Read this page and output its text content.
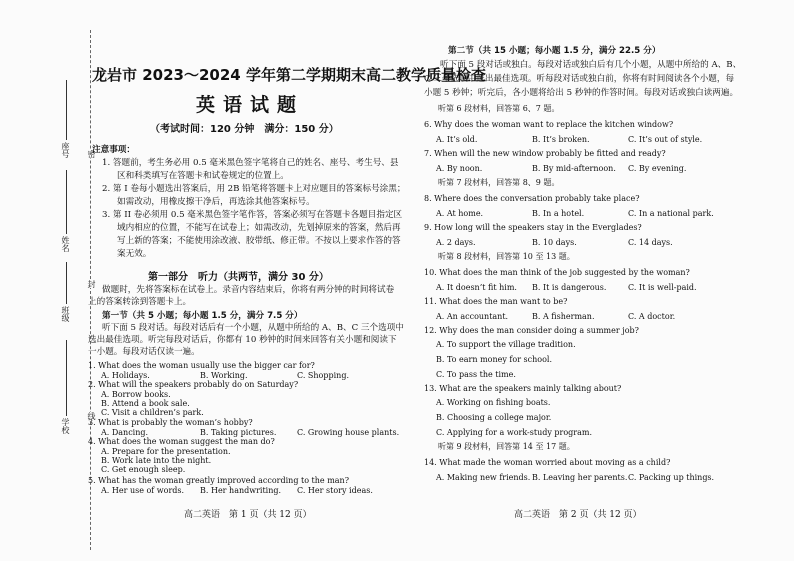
座号
姓名
班级
学校
密
封
线
龙岩市 2023～2024 学年第二学期期末高二教学质量检查
英语试题
（考试时间：120 分钟　满分：150 分）
注意事项：
1. 答题前，考生务必用 0.5 毫米黑色签字笔将自己的姓名、座号、考生号、县
区和科类填写在答题卡和试卷规定的位置上。
2. 第 I 卷每小题选出答案后，用 2B 铅笔将答题卡上对应题目的答案标号涂黑；
如需改动，用橡皮擦干净后，再选涂其他答案标号。
3. 第 II 卷必须用 0.5 毫米黑色签字笔作答，答案必须写在答题卡各题目指定区
域内相应的位置，不能写在试卷上；如需改动，先划掉原来的答案，然后再
写上新的答案；不能使用涂改液、胶带纸、修正带。不按以上要求作答的答
案无效。
第一部分　听力（共两节，满分 30 分）
做题时，先将答案标在试卷上。录音内容结束后，你将有两分钟的时间将试卷
上的答案转涂到答题卡上。
第一节（共 5 小题；每小题 1.5 分，满分 7.5 分）
听下面 5 段对话。每段对话后有一个小题，从题中所给的 A、B、C 三个选项中
选出最佳选项。听完每段对话后，你都有 10 秒钟的时间来回答有关小题和阅读下
一小题。每段对话仅读一遍。
1. What does the woman usually use the bigger car for?
A. Holidays.	B. Working.	C. Shopping.
2. What will the speakers probably do on Saturday?
A. Borrow books.
B. Attend a book sale.
C. Visit a children’s park.
3. What is probably the woman’s hobby?
A. Dancing.	B. Taking pictures.	C. Growing house plants.
4. What does the woman suggest the man do?
A. Prepare for the presentation.
B. Work late into the night.
C. Get enough sleep.
5. What has the woman greatly improved according to the man?
A. Her use of words. B. Her handwriting. C. Her story ideas.
高二英语　第 1 页（共 12 页）
第二节（共 15 小题；每小题 1.5 分，满分 22.5 分）
听下面 5 段对话或独白。每段对话或独白后有几个小题，从题中所给的 A、B、
C 三个选项中选出最佳选项。听每段对话或独白前，你将有时间阅读各个小题，每
小题 5 秒钟；听完后，各小题将给出 5 秒钟的作答时间。每段对话或独白读两遍。
听第 6 段材料，回答第 6、7 题。
6. Why does the woman want to replace the kitchen window?
A. It’s old.	B. It’s broken.	C. It’s out of style.
7. When will the new window probably be fitted and ready?
A. By noon.	B. By mid-afternoon. C. By evening.
听第 7 段材料，回答第 8、9 题。
8. Where does the conversation probably take place?
A. At home.	B. In a hotel.	C. In a national park.
9. How long will the speakers stay in the Everglades?
A. 2 days.	B. 10 days.	C. 14 days.
听第 8 段材料，回答第 10 至 13 题。
10. What does the man think of the job suggested by the woman?
A. It doesn’t fit him. B. It is dangerous.	C. It is well-paid.
11. What does the man want to be?
A. An accountant.	B. A fisherman.	C. A doctor.
12. Why does the man consider doing a summer job?
A. To support the village tradition.
B. To earn money for school.
C. To pass the time.
13. What are the speakers mainly talking about?
A. Working on fishing boats.
B. Choosing a college major.
C. Applying for a work-study program.
听第 9 段材料，回答第 14 至 17 题。
14. What made the woman worried about moving as a child?
A. Making new friends. B. Leaving her parents. C. Packing up things.
高二英语　第 2 页（共 12 页）
